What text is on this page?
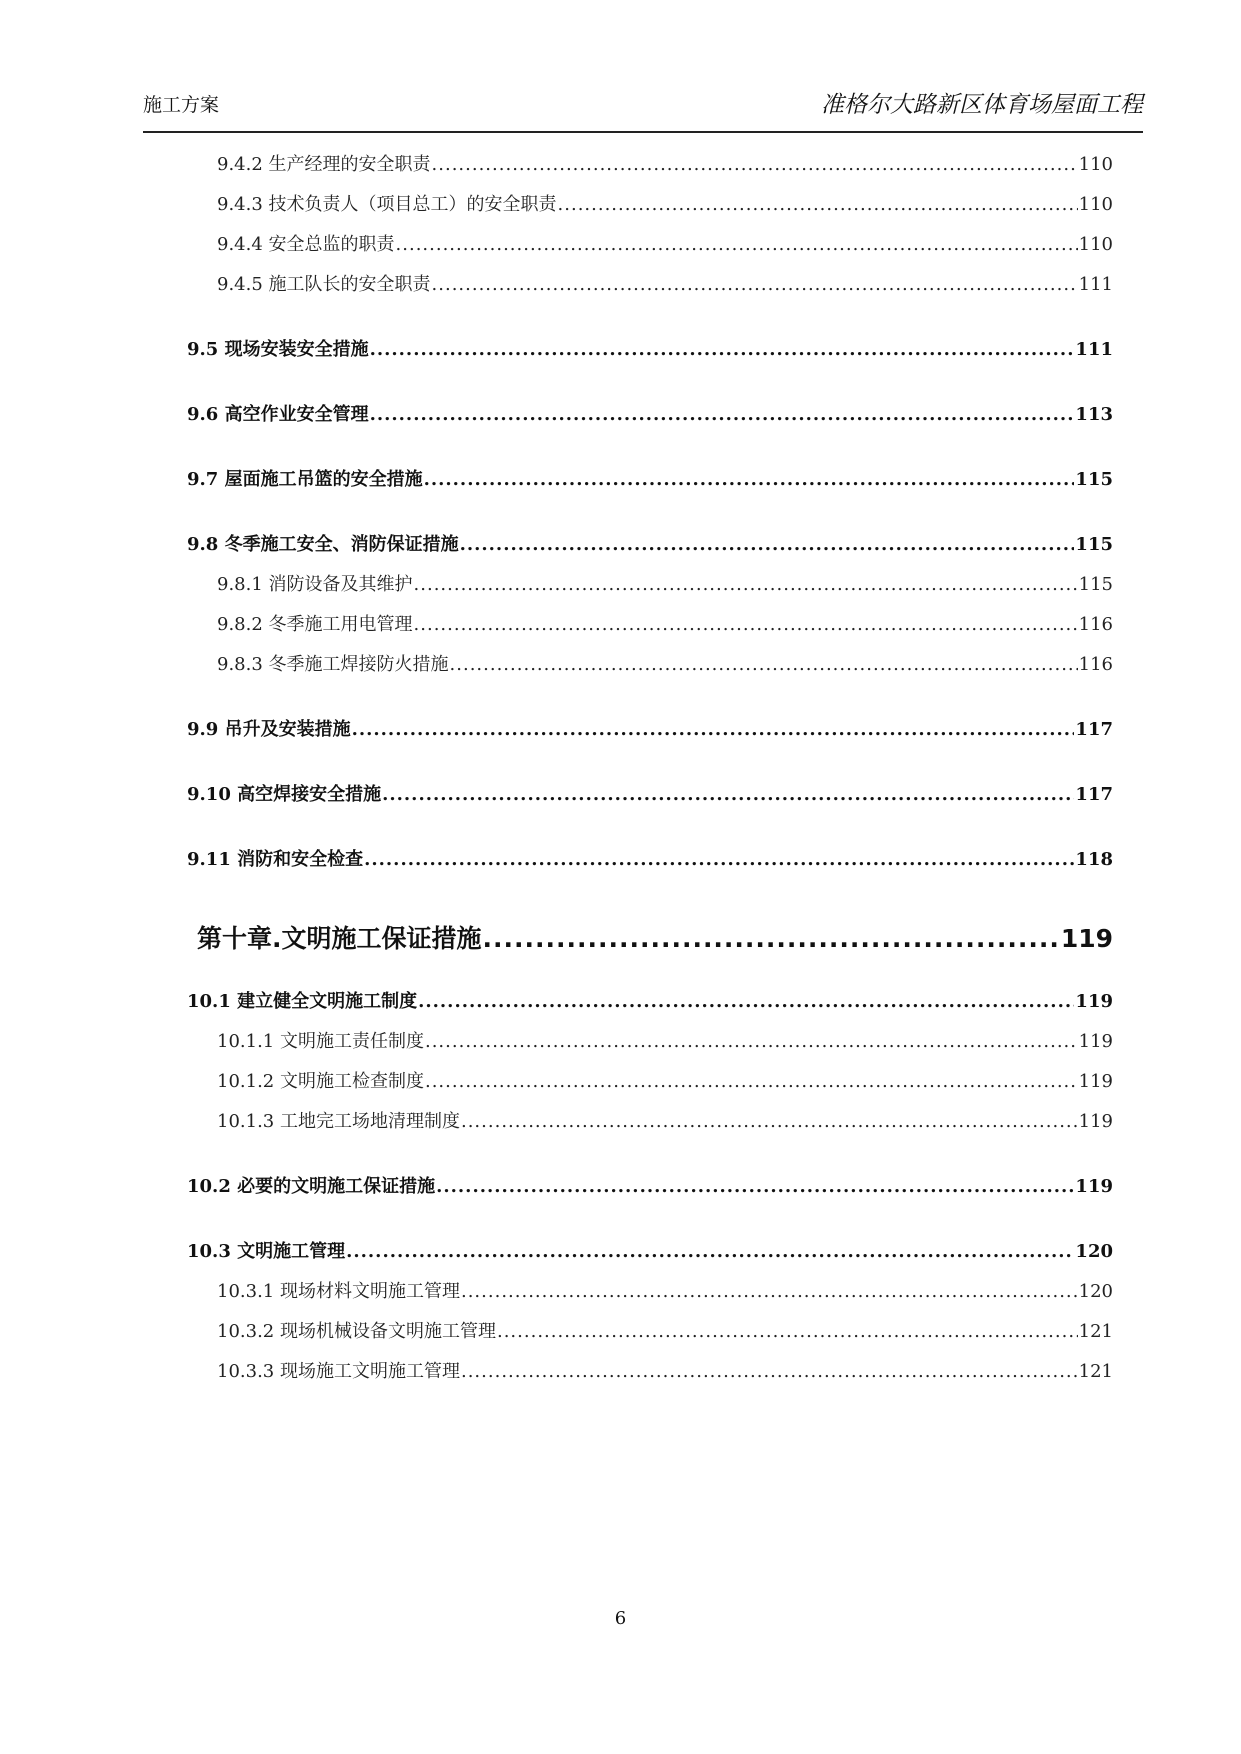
施工方案	准格尔大路新区体育场屋面工程
9.4.2 生产经理的安全职责 .....	110
9.4.3 技术负责人（项目总工）的安全职责 .....	110
9.4.4 安全总监的职责 .....	110
9.4.5 施工队长的安全职责 .....	111
9.5 现场安装安全措施 .....	111
9.6 高空作业安全管理 .....	113
9.7 屋面施工吊篮的安全措施 .....	115
9.8 冬季施工安全、消防保证措施 .....	115
9.8.1 消防设备及其维护 .....	115
9.8.2 冬季施工用电管理 .....	116
9.8.3 冬季施工焊接防火措施 .....	116
9.9 吊升及安装措施 .....	117
9.10 高空焊接安全措施 .....	117
9.11 消防和安全检查 .....	118
第十章.文明施工保证措施 .....	119
10.1 建立健全文明施工制度 .....	119
10.1.1 文明施工责任制度 .....	119
10.1.2 文明施工检查制度 .....	119
10.1.3 工地完工场地清理制度 .....	119
10.2 必要的文明施工保证措施 .....	119
10.3 文明施工管理 .....	120
10.3.1 现场材料文明施工管理 .....	120
10.3.2 现场机械设备文明施工管理 .....	121
10.3.3 现场施工文明施工管理 .....	121
6
